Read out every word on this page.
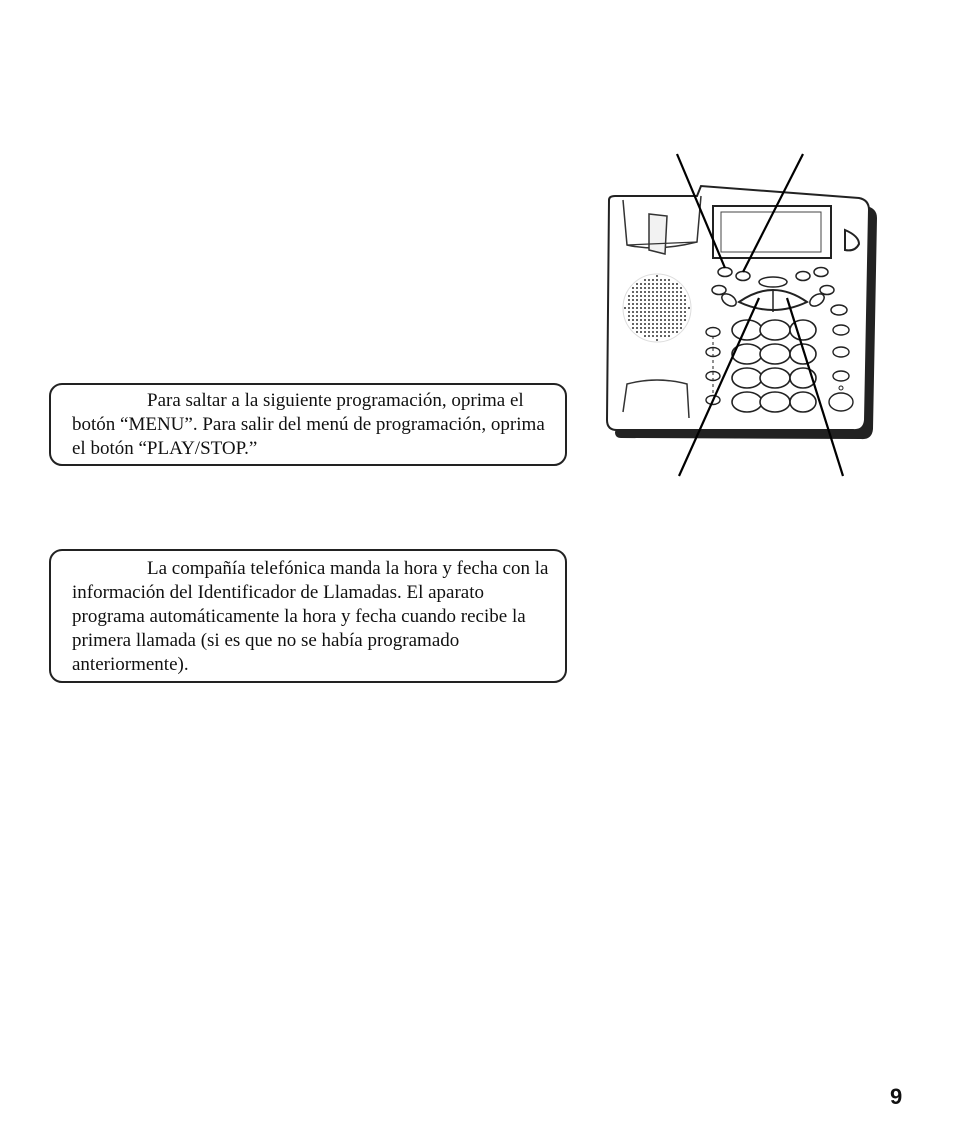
Para saltar a la siguiente programación, oprima el botón “MENU”. Para salir del menú de programación, oprima el botón “PLAY/STOP.”

La compañía telefónica manda la hora y fecha con la información del Identificador de Llamadas. El aparato programa automáticamente la hora y fecha cuando recibe la primera llamada (si es que no se había programado anteriormente).

9
